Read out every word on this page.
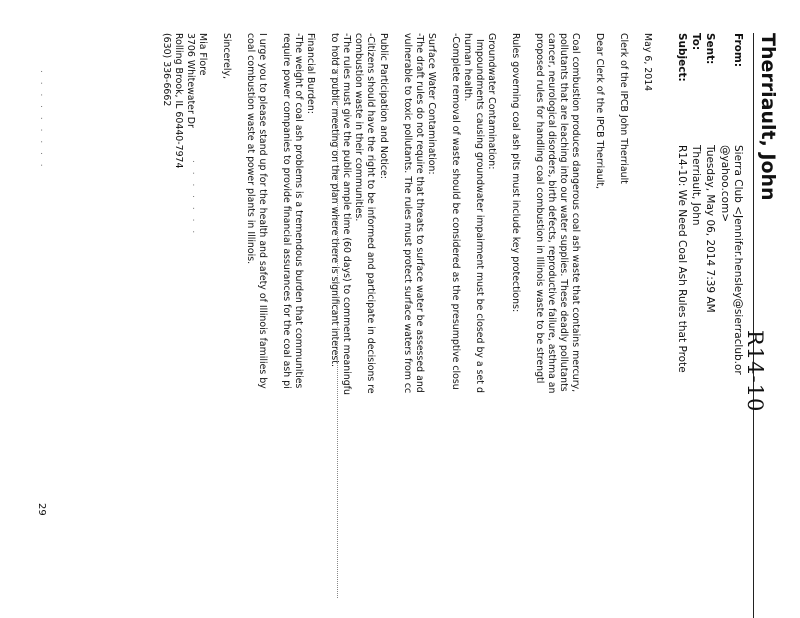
Therriault, John
R14-10
From:
Sierra Club <Jennifer.hensley@sierraclub.or
@yahoo.com>
Sent:
Tuesday, May 06, 2014 7:39 AM
To:
Therriault, John
Subject:
R14-10: We Need Coal Ash Rules that Prote
May 6, 2014
Clerk of the IPCB John Therriault
Dear Clerk of the IPCB Therriault,
Coal combustion produces dangerous coal ash waste that contains mercury,
pollutants that are leaching into our water supplies. These deadly pollutants
cancer, neurological disorders, birth defects, reproductive failure, asthma an
proposed rules for handling coal combustion in Illinois waste to be strengtl
Rules governing coal ash pits must include key protections:
Groundwater Contamination:
Impoundments causing groundwater impairment must be closed by a set d
human health.
-Complete removal of waste should be considered as the presumptive closu
Surface Water Contamination:
-The draft rules do not require that threats to surface water be assessed and
vulnerable to toxic pollutants. The rules must protect surface waters from cc
Public Participation and Notice:
-Citizens should have the right to be informed and participate in decisions re
combustion waste in their communities.
-The rules must give the public ample time (60 days) to comment meaningfu
to hold a public meeting on the plan where there is significant interest.
Financial Burden:
-The weight of coal ash problems is a tremendous burden that communities
require power companies to provide financial assurances for the coal ash pi
I urge you to please stand up for the health and safety of Illinois families by
coal combustion waste at power plants in Illinois.
Sincerely,
Mia Flore
3706 Whitewater Dr
Rolling Brook, IL 60440-7974
(630) 336-6662
. . . . . . .
. . . . . . . . .
29
